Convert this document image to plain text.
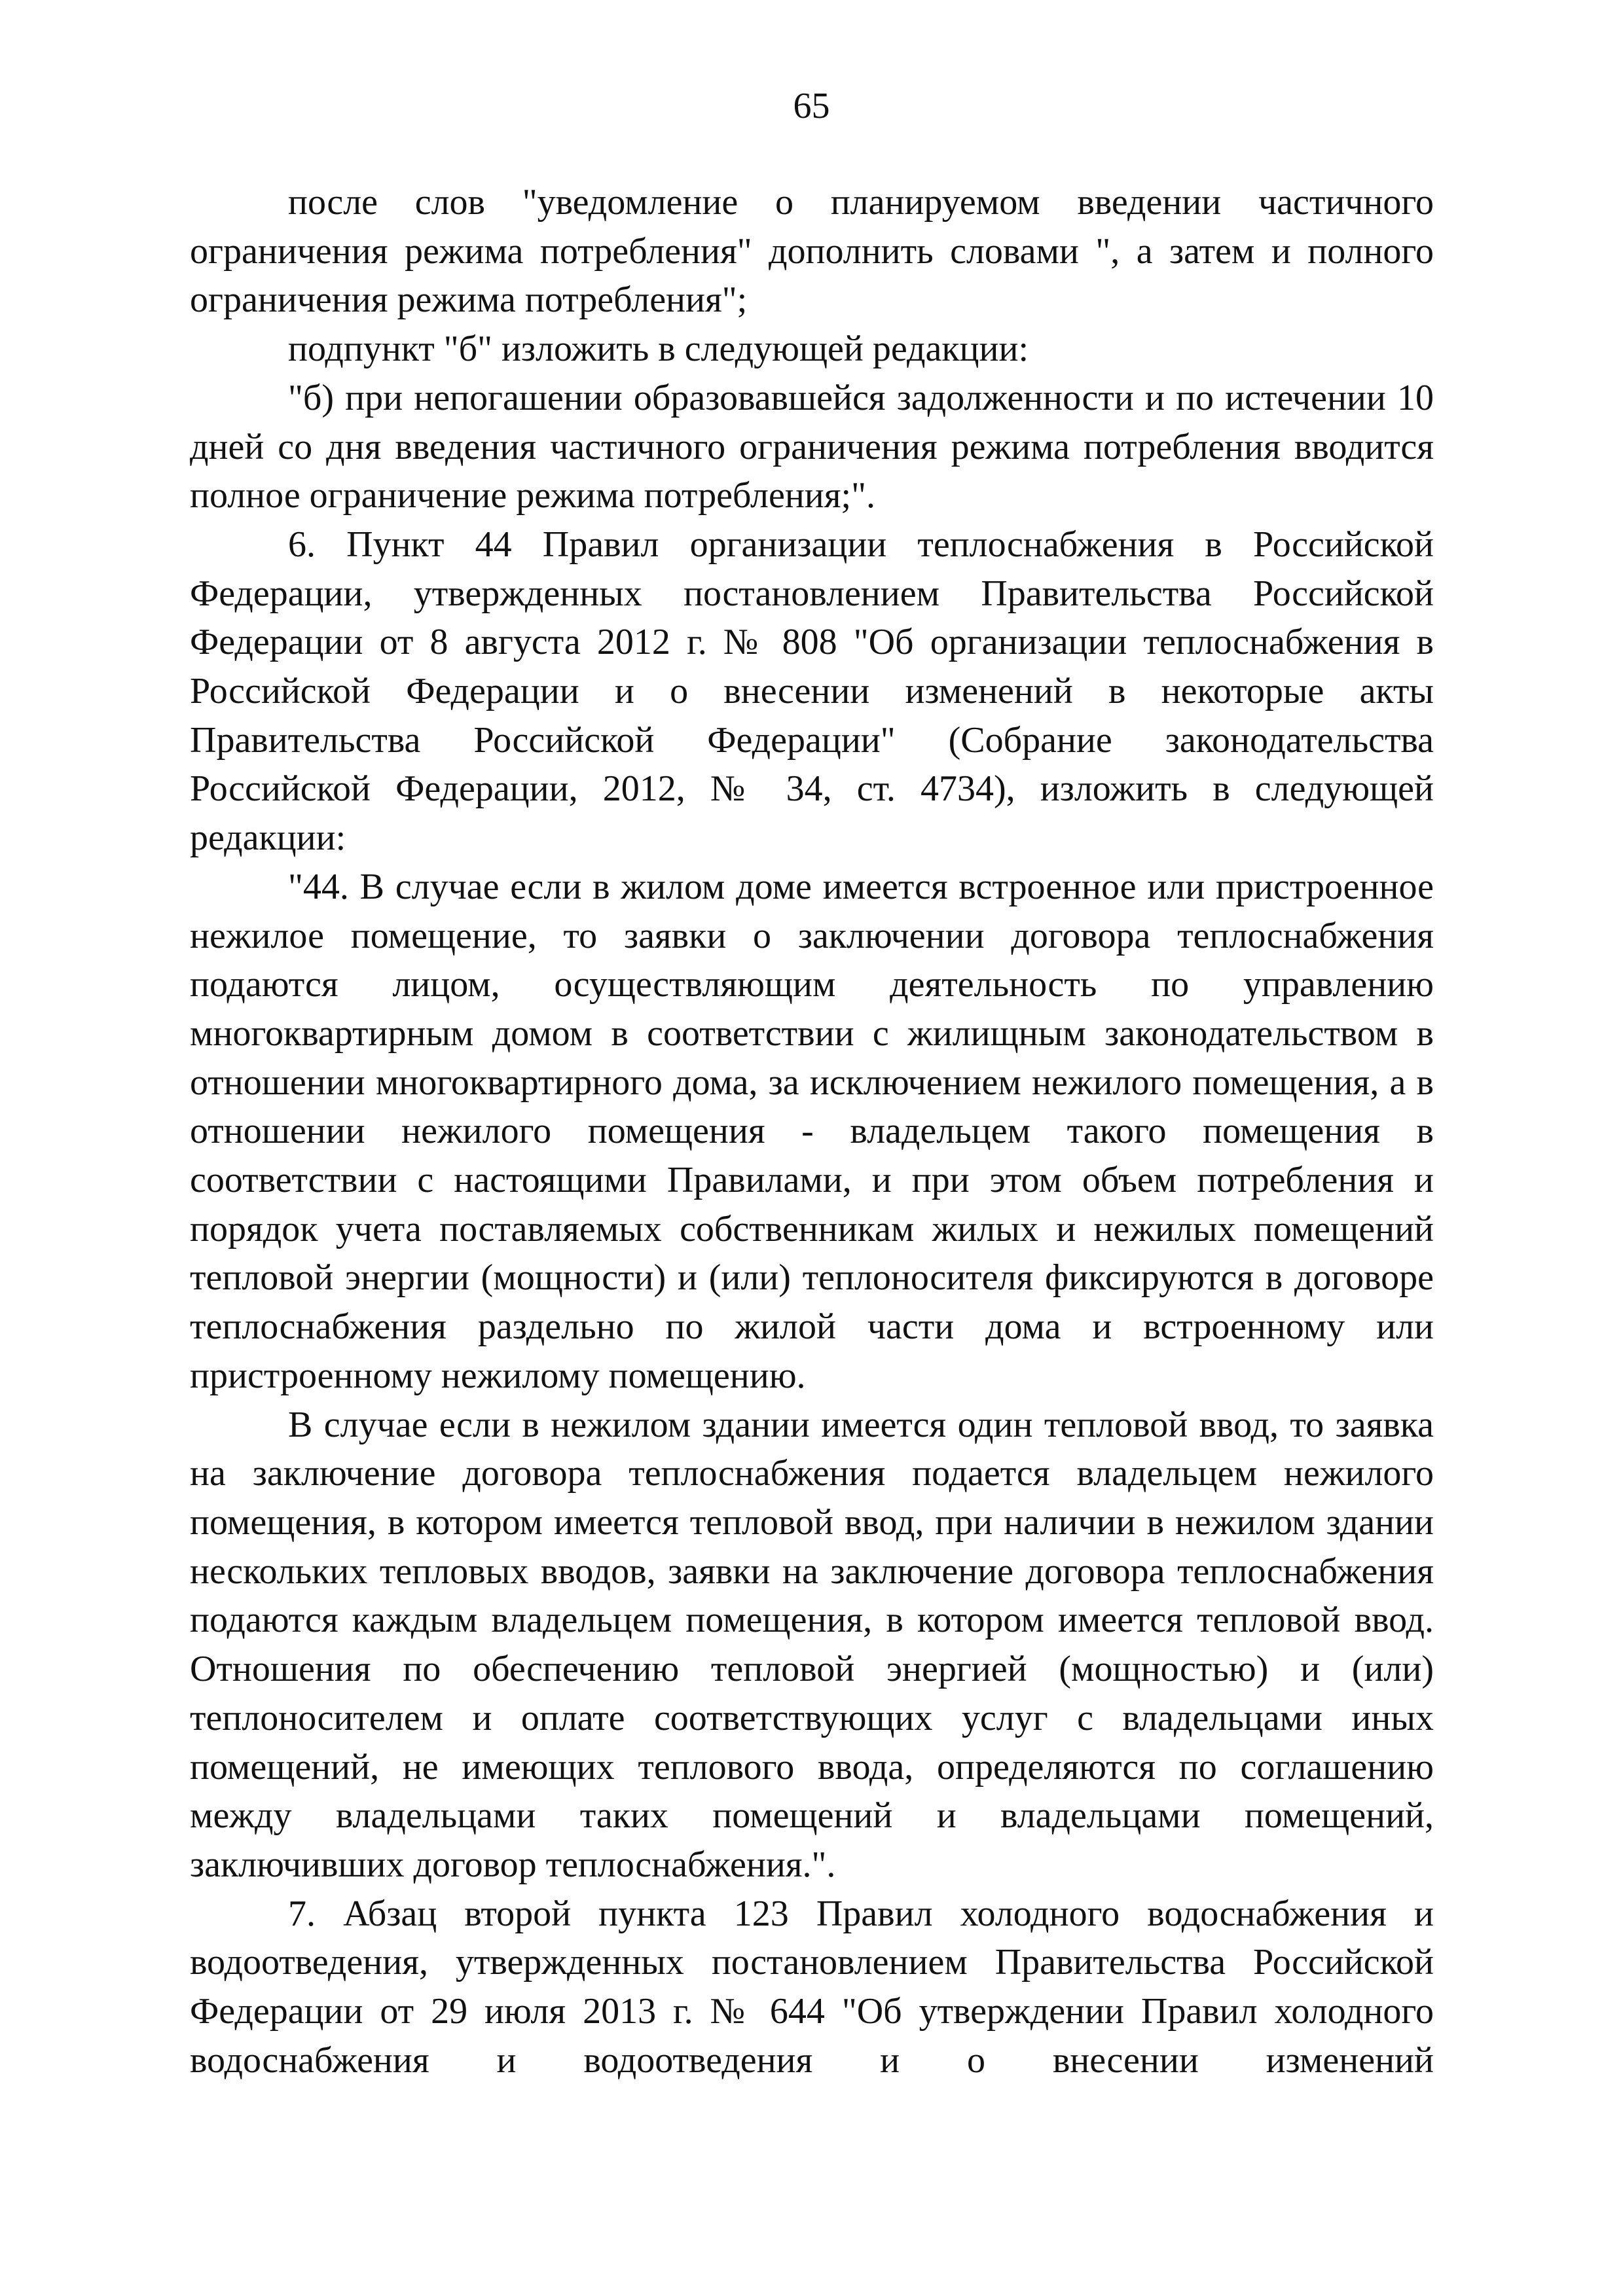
65

после слов "уведомление о планируемом введении частичного ограничения режима потребления" дополнить словами ", а затем и полного ограничения режима потребления";

подпункт "б" изложить в следующей редакции:

"б) при непогашении образовавшейся задолженности и по истечении 10 дней со дня введения частичного ограничения режима потребления вводится полное ограничение режима потребления;".

6. Пункт 44 Правил организации теплоснабжения в Российской Федерации, утвержденных постановлением Правительства Российской Федерации от 8 августа 2012 г. № 808 "Об организации теплоснабжения в Российской Федерации и о внесении изменений в некоторые акты Правительства Российской Федерации" (Собрание законодательства Российской Федерации, 2012, № 34, ст. 4734), изложить в следующей редакции:

"44. В случае если в жилом доме имеется встроенное или пристроенное нежилое помещение, то заявки о заключении договора теплоснабжения подаются лицом, осуществляющим деятельность по управлению многоквартирным домом в соответствии с жилищным законодательством в отношении многоквартирного дома, за исключением нежилого помещения, а в отношении нежилого помещения - владельцем такого помещения в соответствии с настоящими Правилами, и при этом объем потребления и порядок учета поставляемых собственникам жилых и нежилых помещений тепловой энергии (мощности) и (или) теплоносителя фиксируются в договоре теплоснабжения раздельно по жилой части дома и встроенному или пристроенному нежилому помещению.

В случае если в нежилом здании имеется один тепловой ввод, то заявка на заключение договора теплоснабжения подается владельцем нежилого помещения, в котором имеется тепловой ввод, при наличии в нежилом здании нескольких тепловых вводов, заявки на заключение договора теплоснабжения подаются каждым владельцем помещения, в котором имеется тепловой ввод. Отношения по обеспечению тепловой энергией (мощностью) и (или) теплоносителем и оплате соответствующих услуг с владельцами иных помещений, не имеющих теплового ввода, определяются по соглашению между владельцами таких помещений и владельцами помещений, заключивших договор теплоснабжения.".

7. Абзац второй пункта 123 Правил холодного водоснабжения и водоотведения, утвержденных постановлением Правительства Российской Федерации от 29 июля 2013 г. № 644 "Об утверждении Правил холодного водоснабжения и водоотведения и о внесении изменений
